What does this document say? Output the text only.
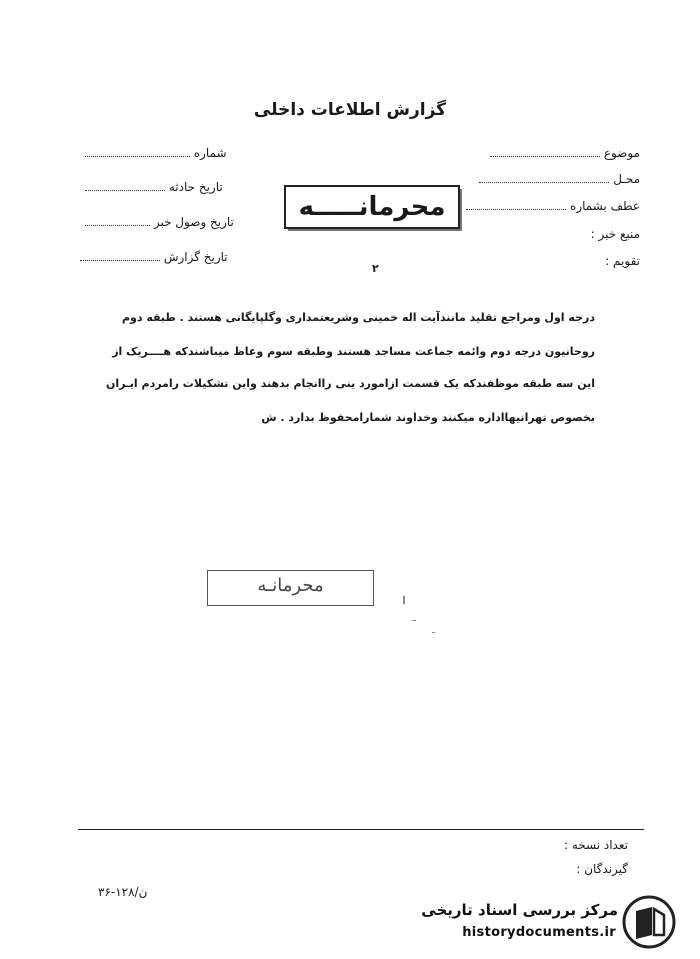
گزارش اطلاعات داخلی
موضوع
محـل
عطف بشماره
منبع خبر :
تقویم :
شماره
تاریخ حادثه
تاریخ وصول خبر
تاریخ گزارش
محرمانـــــه
۲
درجه اول ومراجع تقلید مانندآیت اله خمینی وشریعتمداری وگلپایگانی هستند . طبقه دوم
روحانیون درجه دوم وائمه جماعت مساجد هستند وطبقه سوم وعاظ میباشندکه هــــریک از
این سه طبقه موظفندکه یک قسمت ازامورد ینی راانجام بدهند واین تشکیلات رامردم ایـران
بخصوص تهرانیهااداره میکنند وخداوند شمارامحفوظ بدارد . ش
محرمانـه
تعداد نسخه :
گیرندگان :
۳۶-۱۲۸/ن
مرکز بررسی اسناد تاریخی
historydocuments.ir
